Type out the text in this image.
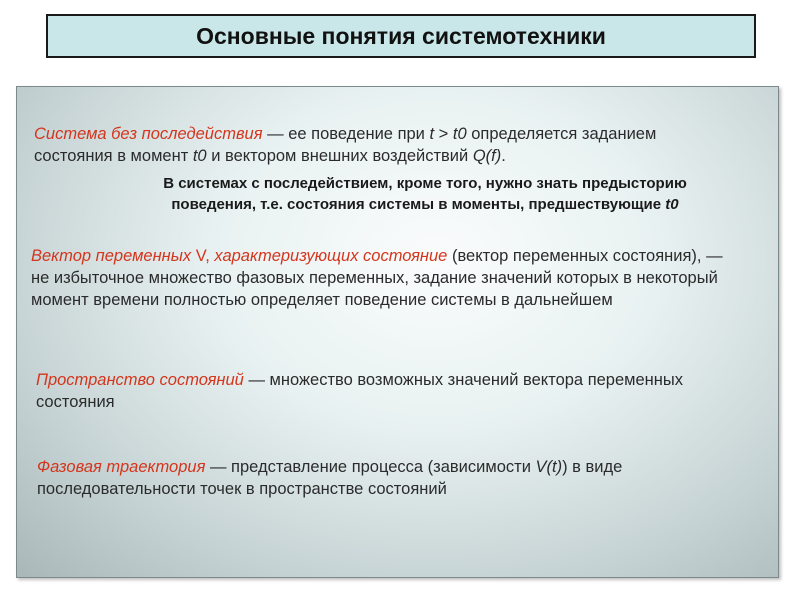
Основные понятия системотехники
Система без последействия — ее поведение при t > t0 определяется заданием состояния в момент t0 и вектором внешних воздействий Q(f).
В системах с последействием, кроме того, нужно знать предысторию
поведения, т.е. состояния системы в моменты, предшествующие t0
Вектор переменных V, характеризующих состояние (вектор переменных состояния), — не избыточное множество фазовых переменных, задание значений которых в некоторый момент времени полностью определяет поведение системы в дальнейшем
Пространство состояний — множество возможных значений вектора переменных состояния
Фазовая траектория — представление процесса (зависимости V(t)) в виде последовательности точек в пространстве состояний
